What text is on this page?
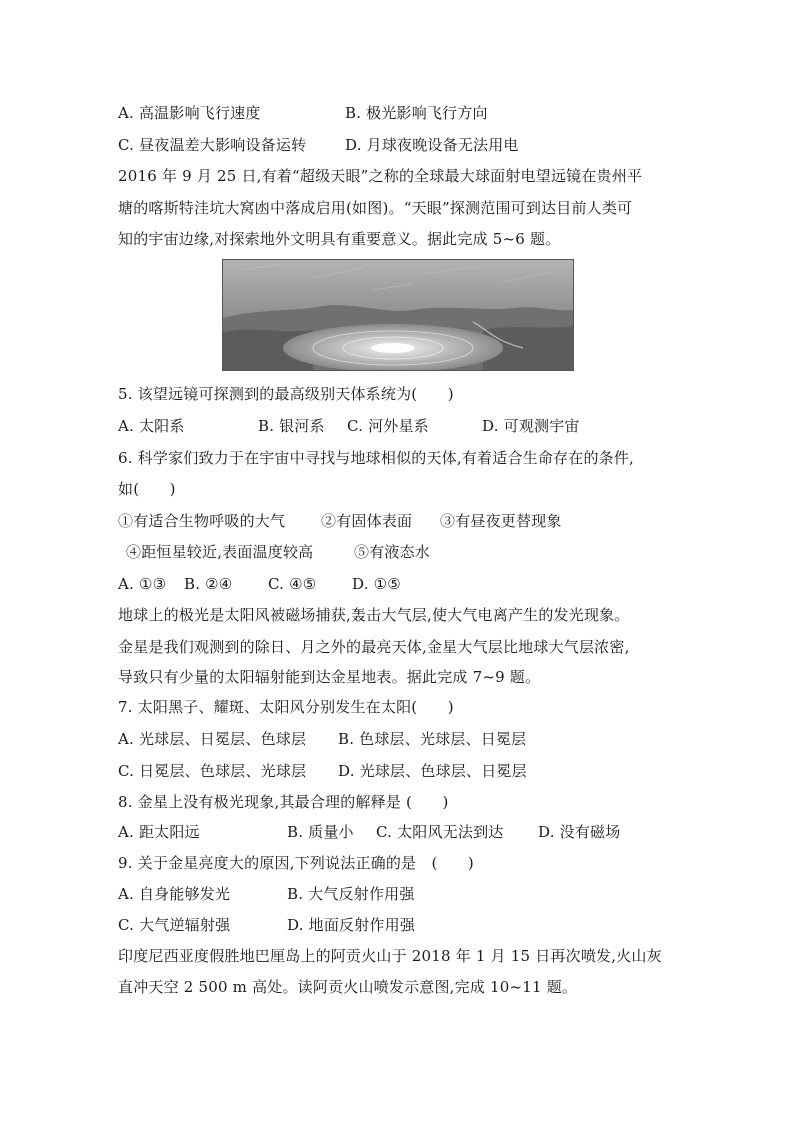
A. 高温影响飞行速度	B. 极光影响飞行方向
C. 昼夜温差大影响设备运转	D. 月球夜晚设备无法用电
2016 年 9 月 25 日,有着“超级天眼”之称的全球最大球面射电望远镜在贵州平
塘的喀斯特洼坑大窝凼中落成启用(如图)。“天眼”探测范围可到达目前人类可
知的宇宙边缘,对探索地外文明具有重要意义。据此完成 5~6 题。
5. 该望远镜可探测到的最高级别天体系统为(　　)
A. 太阳系	B. 银河系 C. 河外星系	D. 可观测宇宙
6. 科学家们致力于在宇宙中寻找与地球相似的天体,有着适合生命存在的条件,
如(　　)
①有适合生物呼吸的大气 ②有固体表面 ③有昼夜更替现象
④距恒星较近,表面温度较高	⑤有液态水
A. ①③ B. ②④ C. ④⑤ D. ①⑤
地球上的极光是太阳风被磁场捕获,轰击大气层,使大气电离产生的发光现象。
金星是我们观测到的除日、月之外的最亮天体,金星大气层比地球大气层浓密,
导致只有少量的太阳辐射能到达金星地表。据此完成 7~9 题。
7. 太阳黑子、耀斑、太阳风分别发生在太阳(　　)
A. 光球层、日冕层、色球层 B. 色球层、光球层、日冕层
C. 日冕层、色球层、光球层 D. 光球层、色球层、日冕层
8. 金星上没有极光现象,其最合理的解释是 (　　)
A. 距太阳远	B. 质量小 C. 太阳风无法到达 D. 没有磁场
9. 关于金星亮度大的原因,下列说法正确的是　(　　)
A. 自身能够发光	B. 大气反射作用强
C. 大气逆辐射强	D. 地面反射作用强
印度尼西亚度假胜地巴厘岛上的阿贡火山于 2018 年 1 月 15 日再次喷发,火山灰
直冲天空 2 500 m 高处。读阿贡火山喷发示意图,完成 10~11 题。
